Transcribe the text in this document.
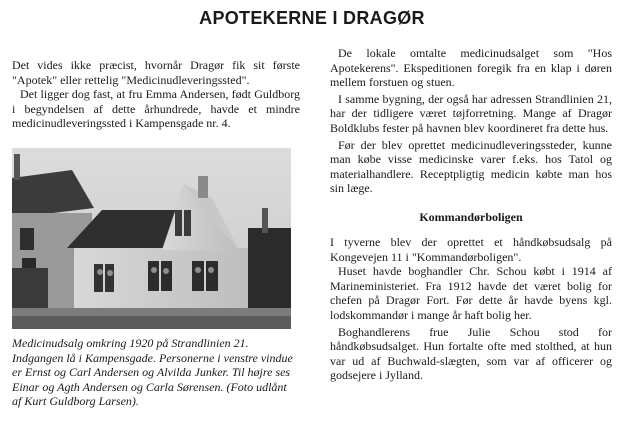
APOTEKERNE I DRAGØR

Det vides ikke præcist, hvornår Dragør fik sit første "Apotek" eller rettelig "Medicinudleveringssted".

Det ligger dog fast, at fru Emma Andersen, født Guldborg i begyndelsen af dette århundrede, havde et mindre medicinudleveringssted i Kampensgade nr. 4.

Medicinudsalg omkring 1920 på Strandlinien 21. Indgangen lå i Kampensgade. Personerne i venstre vindue er Ernst og Carl Andersen og Alvilda Junker. Til højre ses Einar og Agth Andersen og Carla Sørensen. (Foto udlånt af Kurt Guldborg Larsen).

De lokale omtalte medicinudsalget som "Hos Apotekerens". Ekspeditionen foregik fra en klap i døren mellem forstuen og stuen.

I samme bygning, der også har adressen Strandlinien 21, har der tidligere været tøjforretning. Mange af Dragør Boldklubs fester på havnen blev koordineret fra dette hus.

Før der blev oprettet medicinudleveringssteder, kunne man købe visse medicinske varer f.eks. hos Tatol og materialhandlere. Receptpligtig medicin købte man hos sin læge.

Kommandørboligen

I tyverne blev der oprettet et håndkøbsudsalg på Kongevejen 11 i "Kommandørboligen".

Huset havde boghandler Chr. Schou købt i 1914 af Marineministeriet. Fra 1912 havde det været bolig for chefen på Dragør Fort. Før dette år havde byens kgl. lodskommandør i mange år haft bolig her.

Boghandlerens frue Julie Schou stod for håndkøbsudsalget. Hun fortalte ofte med stolthed, at hun var ud af Buchwald-slægten, som var af officerer og godsejere i Jylland.
